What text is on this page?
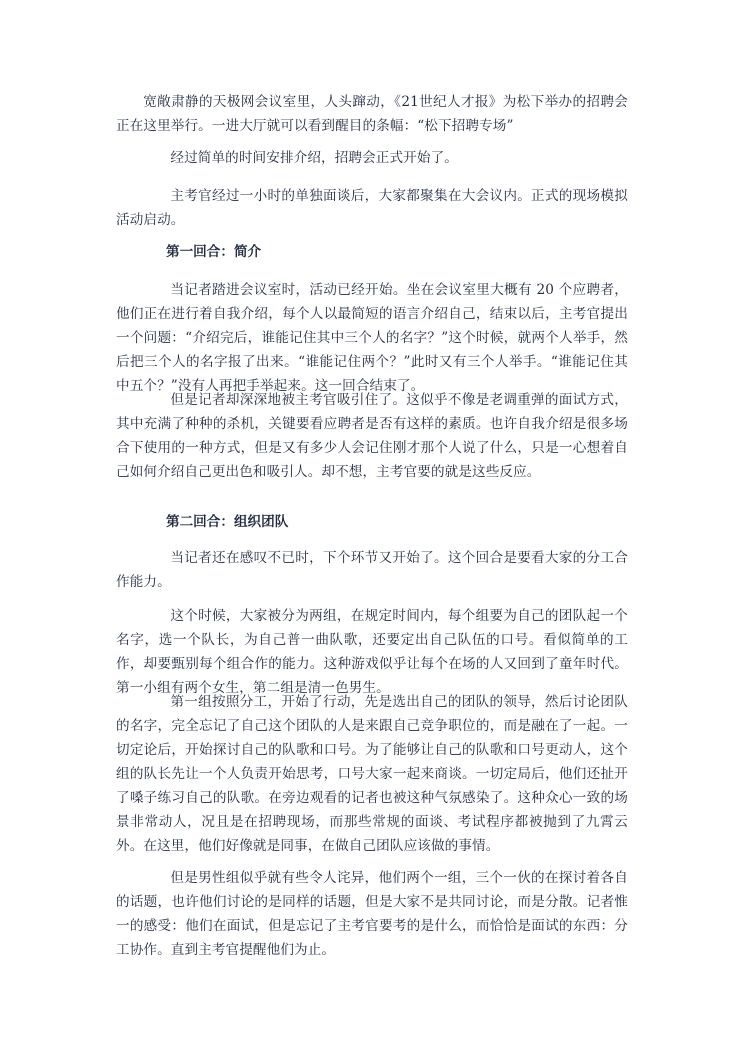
宽敞肃静的天极网会议室里，人头蹿动，《21世纪人才报》为松下举办的招聘会正在这里举行。一进大厅就可以看到醒目的条幅：“松下招聘专场”

经过简单的时间安排介绍，招聘会正式开始了。

主考官经过一小时的单独面谈后，大家都聚集在大会议内。正式的现场模拟活动启动。

第一回合：简介

当记者踏进会议室时，活动已经开始。坐在会议室里大概有 20 个应聘者，他们正在进行着自我介绍，每个人以最简短的语言介绍自己，结束以后，主考官提出一个问题：“介绍完后，谁能记住其中三个人的名字？”这个时候，就两个人举手，然后把三个人的名字报了出来。“谁能记住两个？”此时又有三个人举手。“谁能记住其中五个？”没有人再把手举起来。这一回合结束了。

但是记者却深深地被主考官吸引住了。这似乎不像是老调重弹的面试方式，其中充满了种种的杀机，关键要看应聘者是否有这样的素质。也许自我介绍是很多场合下使用的一种方式，但是又有多少人会记住刚才那个人说了什么，只是一心想着自己如何介绍自己更出色和吸引人。却不想，主考官要的就是这些反应。

第二回合：组织团队

当记者还在感叹不已时，下个环节又开始了。这个回合是要看大家的分工合作能力。

这个时候，大家被分为两组，在规定时间内，每个组要为自己的团队起一个名字，选一个队长，为自己普一曲队歌，还要定出自己队伍的口号。看似简单的工作，却要甄别每个组合作的能力。这种游戏似乎让每个在场的人又回到了童年时代。第一小组有两个女生，第二组是清一色男生。

第一组按照分工，开始了行动，先是选出自己的团队的领导，然后讨论团队的名字，完全忘记了自己这个团队的人是来跟自己竞争职位的，而是融在了一起。一切定论后，开始探讨自己的队歌和口号。为了能够让自己的队歌和口号更动人，这个组的队长先让一个人负责开始思考，口号大家一起来商谈。一切定局后，他们还扯开了嗓子练习自己的队歌。在旁边观看的记者也被这种气氛感染了。这种众心一致的场景非常动人，况且是在招聘现场，而那些常规的面谈、考试程序都被抛到了九霄云外。在这里，他们好像就是同事，在做自己团队应该做的事情。

但是男性组似乎就有些令人诧异，他们两个一组，三个一伙的在探讨着各自的话题，也许他们讨论的是同样的话题，但是大家不是共同讨论，而是分散。记者惟一的感受：他们在面试，但是忘记了主考官要考的是什么，而恰恰是面试的东西：分工协作。直到主考官提醒他们为止。
